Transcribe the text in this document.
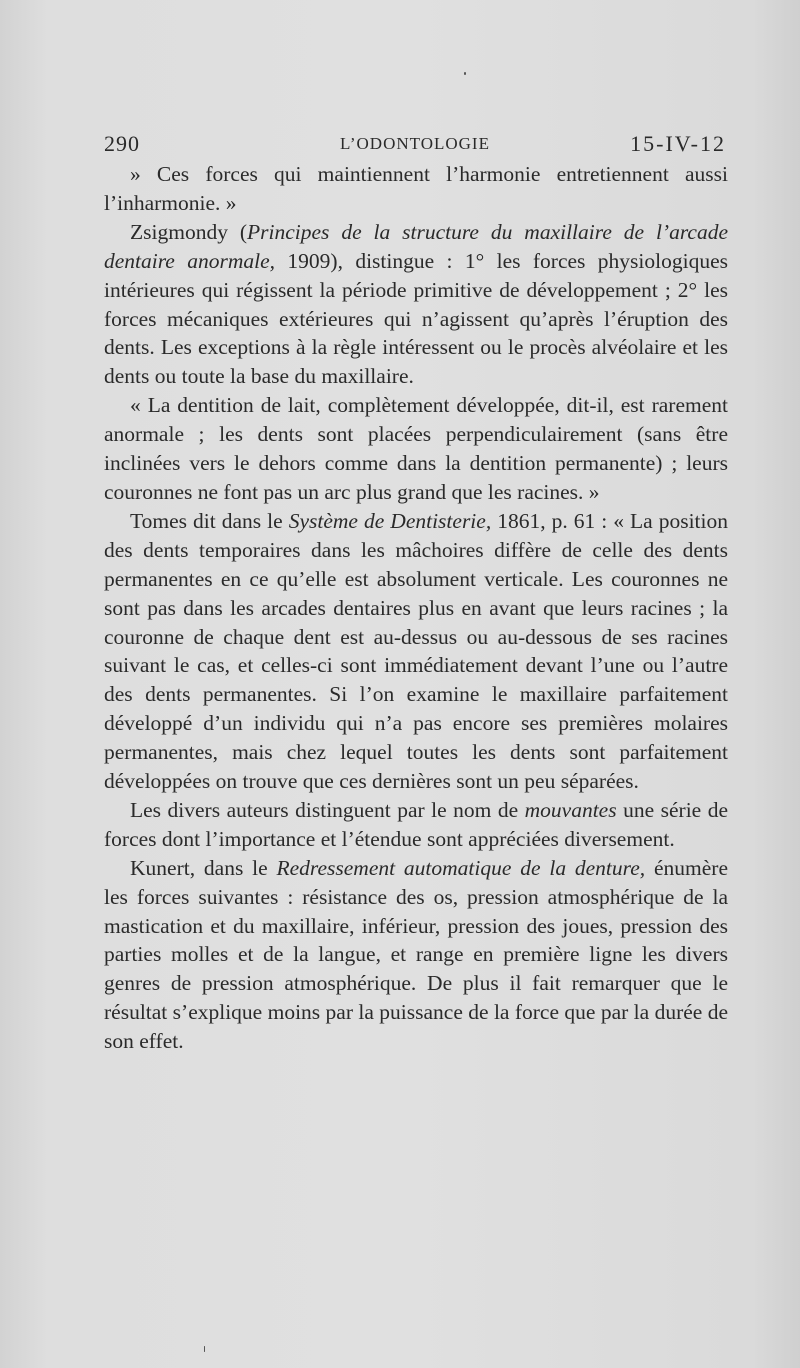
290	L’ODONTOLOGIE	15-IV-12

» Ces forces qui maintiennent l’harmonie entretiennent aussi l’inharmonie. »

Zsigmondy (Principes de la structure du maxillaire de l’arcade dentaire anormale, 1909), distingue : 1° les forces physiologiques intérieures qui régissent la période primitive de développement ; 2° les forces mécaniques extérieures qui n’agissent qu’après l’éruption des dents. Les exceptions à la règle intéressent ou le procès alvéolaire et les dents ou toute la base du maxillaire.

« La dentition de lait, complètement développée, dit-il, est rarement anormale ; les dents sont placées perpendiculairement (sans être inclinées vers le dehors comme dans la dentition permanente) ; leurs couronnes ne font pas un arc plus grand que les racines. »

Tomes dit dans le Système de Dentisterie, 1861, p. 61 : « La position des dents temporaires dans les mâchoires diffère de celle des dents permanentes en ce qu’elle est absolument verticale. Les couronnes ne sont pas dans les arcades dentaires plus en avant que leurs racines ; la couronne de chaque dent est au-dessus ou au-dessous de ses racines suivant le cas, et celles-ci sont immédiatement devant l’une ou l’autre des dents permanentes. Si l’on examine le maxillaire parfaitement développé d’un individu qui n’a pas encore ses premières molaires permanentes, mais chez lequel toutes les dents sont parfaitement développées on trouve que ces dernières sont un peu séparées.

Les divers auteurs distinguent par le nom de mouvantes une série de forces dont l’importance et l’étendue sont appréciées diversement.

Kunert, dans le Redressement automatique de la denture, énumère les forces suivantes : résistance des os, pression atmosphérique de la mastication et du maxillaire, inférieur, pression des joues, pression des parties molles et de la langue, et range en première ligne les divers genres de pression atmosphérique. De plus il fait remarquer que le résultat s’explique moins par la puissance de la force que par la durée de son effet.
